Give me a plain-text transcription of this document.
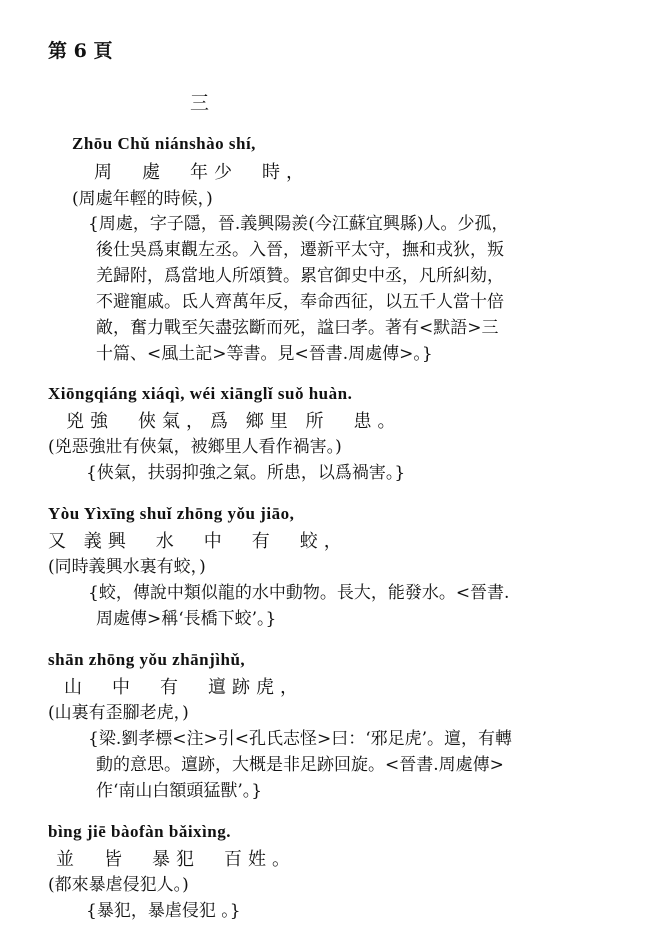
第 6 頁
三
Zhōu Chǔ niánshào shí,
周　處　年少　時，
(周處年輕的時候，)
{周處，字子隱，晉.義興陽羨(今江蘇宜興縣)人。少孤，
後仕吳爲東觀左丞。入晉，遷新平太守，撫和戎狄，叛
羌歸附，爲當地人所頌贊。累官御史中丞，凡所糾劾，
不避寵戚。氐人齊萬年反，奉命西征，以五千人當十倍
敵，奮力戰至矢盡弦斷而死，諡曰孝。著有<默語>三
十篇、<風土記>等書。見<晉書.周處傳>。}
Xiōngqiáng xiáqì, wéi xiānglǐ suǒ huàn.
兇強　俠氣，爲 鄉里 所　患。
(兇惡強壯有俠氣，被鄉里人看作禍害。)
{俠氣，扶弱抑強之氣。所患，以爲禍害。}
Yòu Yìxīng shuǐ zhōng yǒu jiāo,
又 義興　水　中　有　蛟，
(同時義興水裏有蛟，)
{蛟，傳說中類似龍的水中動物。長大，能發水。<晉書.
周處傳>稱‘長橋下蛟’。}
shān zhōng yǒu zhānjìhǔ,
山　中　有　邅跡虎，
(山裏有歪腳老虎，)
{梁.劉孝標<注>引<孔氏志怪>曰：‘邪足虎’。邅，有轉
動的意思。邅跡，大概是非足跡回旋。<晉書.周處傳>
作‘南山白額頭猛獸’。}
bìng jiē bàofàn bǎixìng.
並　皆　暴犯　百姓。
(都來暴虐侵犯人。)
{暴犯，暴虐侵犯 。}
